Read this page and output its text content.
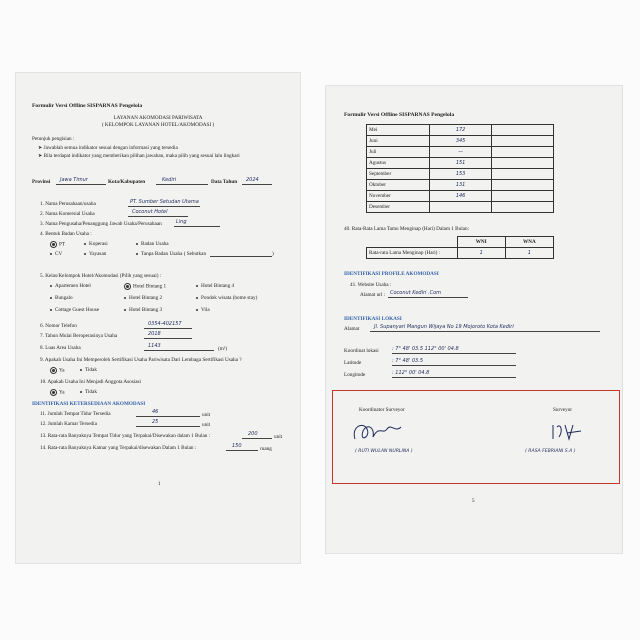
Formulir Versi Offline SISPARNAS Pengelola
LAYANAN AKOMODASI PARIWISATA
( KELOMPOK LAYANAN HOTEL/AKOMODASI )
Petunjuk pengisian :
➤ Jawablah semua indikator sesuai dengan informasi yang tersedia
➤ Bila terdapat indikator yang memberikan pilihan jawaban, maka pilih yang sesuai lalu lingkari
Provinsi Jawa Timur	Kota/Kabupaten	Kediri	Data Tahun 2024
1. Nama Perusahaan/usaha	PT. Sumber Setudan Utama
2. Nama Komersial Usaha	Coconut Hotel
3. Nama Pengusaha/Penanggung Jawab Usaha/Perusahaan	Ling
4. Bentuk Badan Usaha :
PT	Koperasi	Badan Usaha
CV	Yayasan	Tanpa Badan Usaha ( Sebutkan	)
5. Kelas/Kelompok Hotel/Akomodasi (Pilih yang sesuai) :
Apartemen Hotel	Hotel Bintang 1	Hotel Bintang 4
Bungalo	Hotel Bintang 2	Pondok wisata (home stay)
Cottage Guest House	Hotel Bintang 3	Vila
6. Nomor Telefon	0354-402157
7. Tahun Mulai Beroperasinya Usaha	2018
8. Luas Area Usaha	1143	(m²)
9. Apakah Usaha Ini Memperoleh Sertifikasi Usaha Pariwisata Dari Lembaga Sertifikasi Usaha ?
Ya	Tidak
10. Apakah Usaha Ini Menjadi Anggota Asosiasi
Ya	Tidak
IDENTIFIKASI KETERSEDIAAN AKOMODASI
11. Jumlah Tempat Tidur Tersedia	46	unit
12. Jumlah Kamar Tersedia	25	unit
13. Rata-rata Banyaknya Tempat Tidur yang Terpakai/Disewakan dalam 1 Bulan :	200	unit
14. Rata-rata Banyaknya Kamar yang Terpakai/disewakan Dalam 1 Bulan :	150	ruang
1
Formulir Versi Offline SISPARNAS Pengelola
Mei	172	
Juni	345	
Juli	—	
Agustus	151	
September	153	
Oktober	131	
November	146	
Desember		
40. Rata-Rata Lama Tamu Menginap (Hari) Dalam 1 Bulan:
	WNI	WNA
Rata-rata Lama Menginap (Hari) :	1	1
IDENTIFIKASI PROFILE AKOMODASI
41. Website Usaha :
Alamat url : Coconut Kediri .Com
IDENTIFIKASI LOKASI
Alamat	Jl. Supanyari Mangun Wijaya No 19 Mojoroto Kota Kediri
Koordinat lokasi	: 7° 48' 03.5 112° 00' 04.8
Latitude	: 7° 48' 03.5
Longitude	: 112° 00' 04.8
Koordinator Surveyor
( RUTI WULAN NURLINA )
Surveyor
( RASA FEBRIANI S.A )
5
